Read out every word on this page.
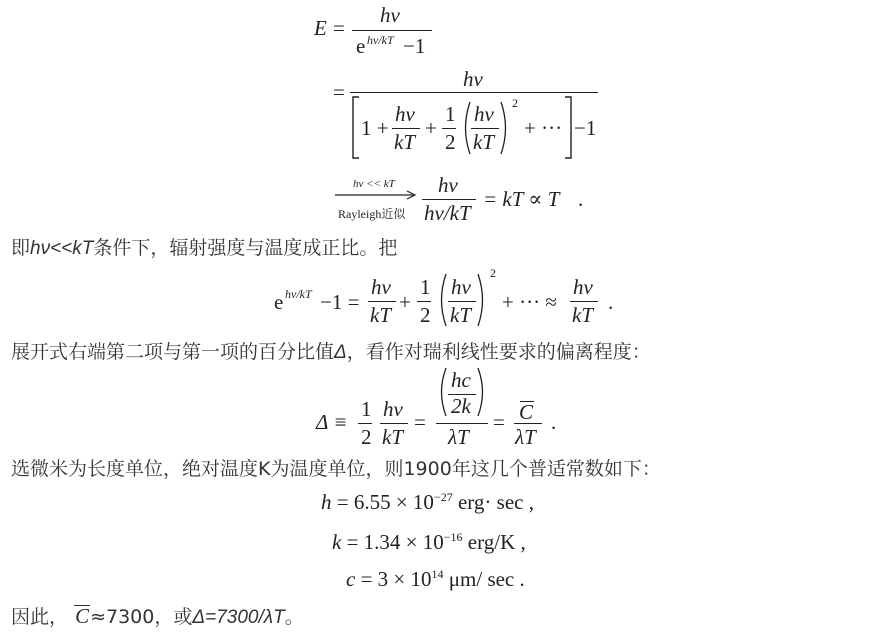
E =
hν
e hν/kT −1
=
hν
1 +
hν
kT
+
1
2
hν
kT
2
+ ··· −1
hν << kT
Rayleigh近似
hν
hν/kT
= kT ∝ T .
即hν<<kT条件下，辐射强度与温度成正比。把
e hν/kT −1 =
hν
kT
+
1
2
hν
kT
2
+ ··· ≈
hν
kT
.
展开式右端第二项与第一项的百分比值Δ，看作对瑞利线性要求的偏离程度：
Δ ≡
1
2
hν
kT
=
hc
2k
λT
= C
λT
.
选微米为长度单位，绝对温度K为温度单位，则1900年这几个普适常数如下：
$h = 6.55 \times 10^{-27}$ erg· sec ,
$k = 1.34 \times 10^{-16}$ erg/K ,
$c = 3 \times 10^{14}$ μm/ sec .
因此， C≈7300，或Δ=7300/λT。
